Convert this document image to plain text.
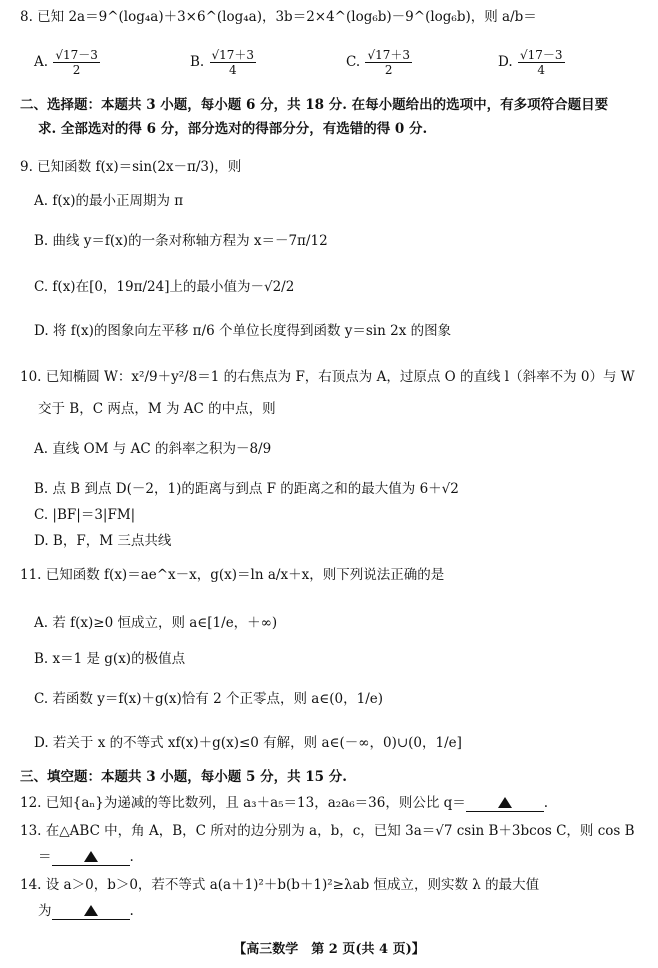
8. 已知 2a＝9^(log₄a)＋3×6^(log₄a)，3b＝2×4^(log₆b)－9^(log₆b)，则 a/b＝
A. $\frac{√17-3}{2}$	B. $\frac{√17+3}{4}$	C. $\frac{√17+3}{2}$	D. $\frac{√17-3}{4}$
二、选择题：本题共 3 小题，每小题 6 分，共 18 分. 在每小题给出的选项中，有多项符合题目要
求. 全部选对的得 6 分，部分选对的得部分分，有选错的得 0 分.
9. 已知函数 f(x)＝sin(2x－π/3)，则
A. f(x)的最小正周期为 π
B. 曲线 y＝f(x)的一条对称轴方程为 x＝－7π/12
C. f(x)在[0，19π/24]上的最小值为－√2/2
D. 将 f(x)的图象向左平移 π/6 个单位长度得到函数 y＝sin 2x 的图象
10. 已知椭圆 W：x²/9＋y²/8＝1 的右焦点为 F，右顶点为 A，过原点 O 的直线 l（斜率不为 0）与 W
交于 B，C 两点，M 为 AC 的中点，则
A. 直线 OM 与 AC 的斜率之积为－8/9
B. 点 B 到点 D(－2，1)的距离与到点 F 的距离之和的最大值为 6＋√2
C. |BF|＝3|FM|
D. B，F，M 三点共线
11. 已知函数 f(x)＝ae^x－x，g(x)＝ln a/x＋x，则下列说法正确的是
A. 若 f(x)≥0 恒成立，则 a∈[1/e，＋∞)
B. x＝1 是 g(x)的极值点
C. 若函数 y＝f(x)＋g(x)恰有 2 个正零点，则 a∈(0，1/e)
D. 若关于 x 的不等式 xf(x)＋g(x)≤0 有解，则 a∈(－∞，0)∪(0，1/e]
三、填空题：本题共 3 小题，每小题 5 分，共 15 分.
12. 已知{aₙ}为递减的等比数列，且 a₃＋a₅＝13，a₂a₆＝36，则公比 q＝	.
13. 在△ABC 中，角 A，B，C 所对的边分别为 a，b，c，已知 3a＝√7 csin B＋3bcos C，则 cos B
＝	.
14. 设 a＞0，b＞0，若不等式 a(a＋1)²＋b(b＋1)²≥λab 恒成立，则实数 λ 的最大值
为	.
【高三数学　第 2 页(共 4 页)】
